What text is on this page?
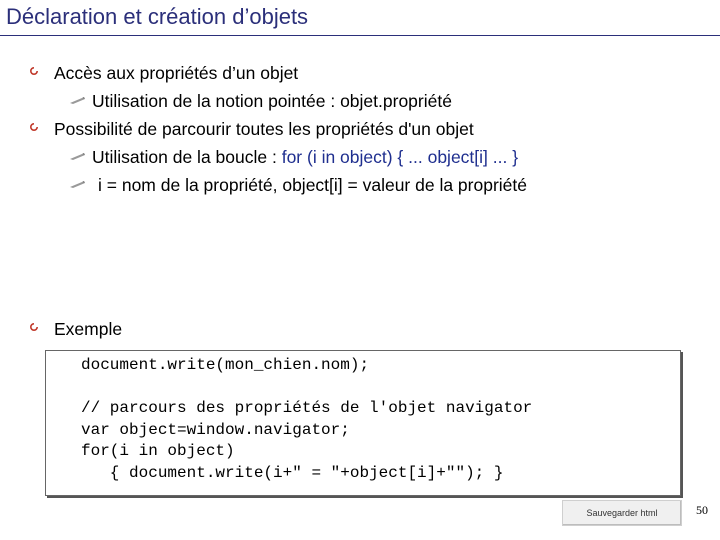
Déclaration et création d’objets
Accès aux propriétés d’un objet
Utilisation de la notion pointée : objet.propriété
Possibilité de parcourir toutes les propriétés d'un objet
Utilisation de la boucle : for (i in object) { ... object[i] ... }
i = nom de la propriété, object[i] = valeur de la propriété
Exemple
document.write(mon_chien.nom);
// parcours des propriétés de l'objet navigator
var object=window.navigator;
for(i in object)
{ document.write(i+" = "+object[i]+""); }
Sauvegarder html	50
